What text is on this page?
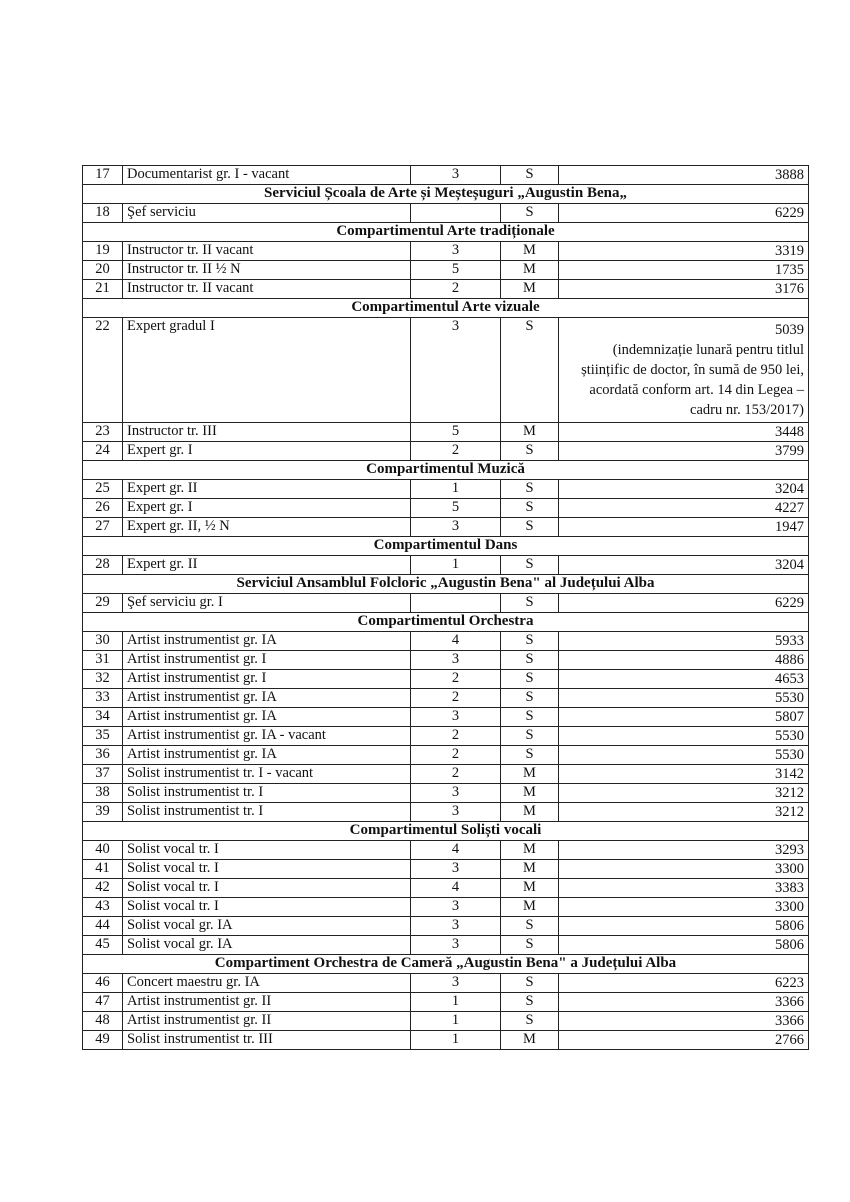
17	Documentarist gr. I - vacant	3	S	3888
Serviciul Școala de Arte și Meșteșuguri „Augustin Bena„				
18	Şef serviciu		S	6229
Compartimentul Arte tradiționale				
19	Instructor tr. II vacant	3	M	3319
20	Instructor tr. II ½ N	5	M	1735
21	Instructor tr. II vacant	2	M	3176
Compartimentul Arte vizuale				
22	Expert gradul I	3	S	5039
(indemnizație lunară pentru titlul științific de doctor, în sumă de 950 lei, acordată conform art. 14 din Legea – cadru nr. 153/2017)

23	Instructor tr. III	5	M	3448
24	Expert gr. I	2	S	3799
Compartimentul Muzică				
25	Expert gr. II	1	S	3204
26	Expert gr. I	5	S	4227
27	Expert gr. II, ½ N	3	S	1947
Compartimentul Dans				
28	Expert gr. II	1	S	3204
Serviciul Ansamblul Folcloric „Augustin Bena" al Județului Alba				
29	Şef serviciu gr. I		S	6229
Compartimentul Orchestra				
30	Artist instrumentist gr. IA	4	S	5933
31	Artist instrumentist gr. I	3	S	4886
32	Artist instrumentist gr. I	2	S	4653
33	Artist instrumentist gr. IA	2	S	5530
34	Artist instrumentist gr. IA	3	S	5807
35	Artist instrumentist gr. IA - vacant	2	S	5530
36	Artist instrumentist gr. IA	2	S	5530
37	Solist instrumentist tr. I - vacant	2	M	3142
38	Solist instrumentist tr. I	3	M	3212
39	Solist instrumentist tr. I	3	M	3212
Compartimentul Soliști vocali				
40	Solist vocal tr. I	4	M	3293
41	Solist vocal tr. I	3	M	3300
42	Solist vocal tr. I	4	M	3383
43	Solist vocal tr. I	3	M	3300
44	Solist vocal gr. IA	3	S	5806
45	Solist vocal gr. IA	3	S	5806
Compartiment Orchestra de Cameră „Augustin Bena" a Județului Alba				
46	Concert maestru gr. IA	3	S	6223
47	Artist instrumentist gr. II	1	S	3366
48	Artist instrumentist gr. II	1	S	3366
49	Solist instrumentist tr. III	1	M	2766
